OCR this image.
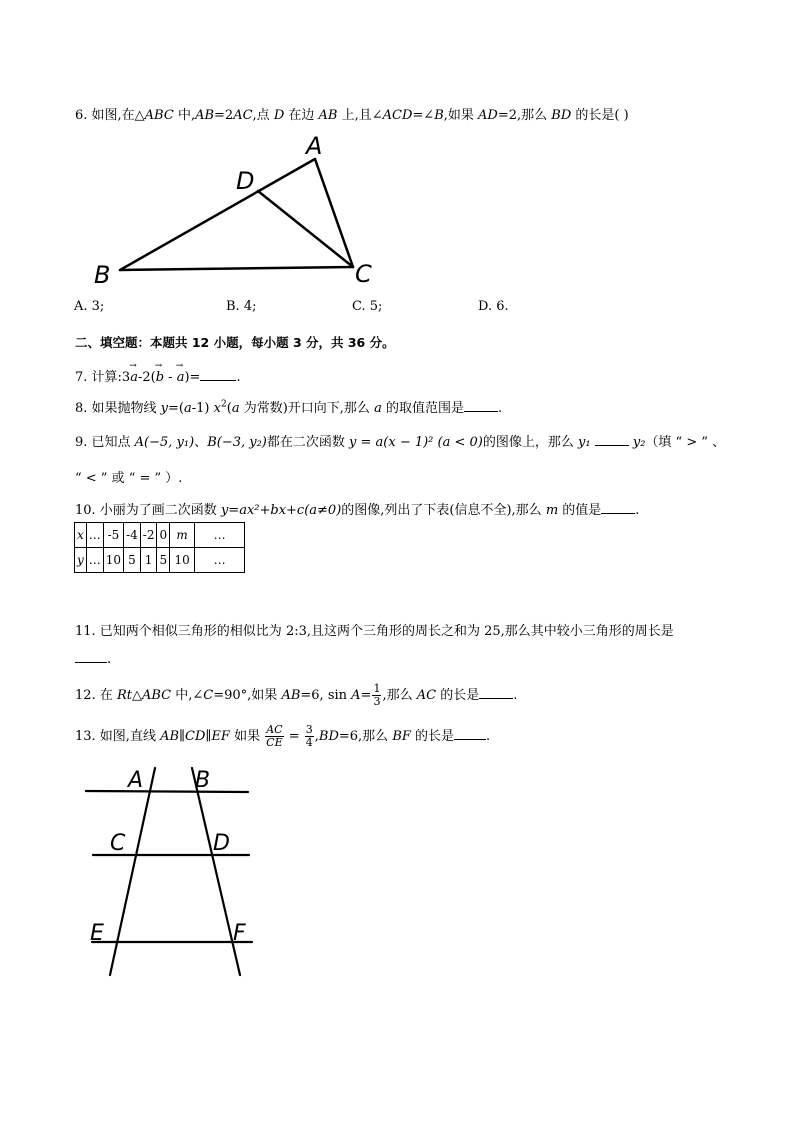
6. 如图,在△ABC 中,AB=2AC,点 D 在边 AB 上,且∠ACD=∠B,如果 AD=2,那么 BD 的长是( )
A
D
B	C
A. 3;	B. 4;	C. 5;	D. 6.
二、填空题：本题共 12 小题，每小题 3 分，共 36 分。
7. 计算:3→ a-2(→ b - → a)=	.
8. 如果抛物线 y=(a-1) $x^2(a$ 为常数)开口向下,那么 a 的取值范围是	.
9. 已知点 A(−5, y₁)、B(−3, y₂)都在二次函数 y = a(x − 1)² (a < 0)的图像上，那么 y₁	y₂（填 “ > ” 、
“ < ” 或 “ = ” ）.
10. 小丽为了画二次函数 y=ax²+bx+c(a≠0)的图像,列出了下表(信息不全),那么 m 的值是	.
x	…	-5	-4	-2	0	m	…
y	…	10	5	1	5	10	…
11. 已知两个相似三角形的相似比为 2:3,且这两个三角形的周长之和为 25,那么其中较小三角形的周长是
.
12. 在 Rt△ABC 中,∠C=90°,如果 AB=6, $\sin A= \frac{1}{3}$ ,那么 AC 的长是	.
13. 如图,直线 AB∥CD∥EF 如果 $\frac{AC}{CE} = \frac{3}{4} ,BD=6$,那么 BF 的长是 .
A B
C	D
E	F
